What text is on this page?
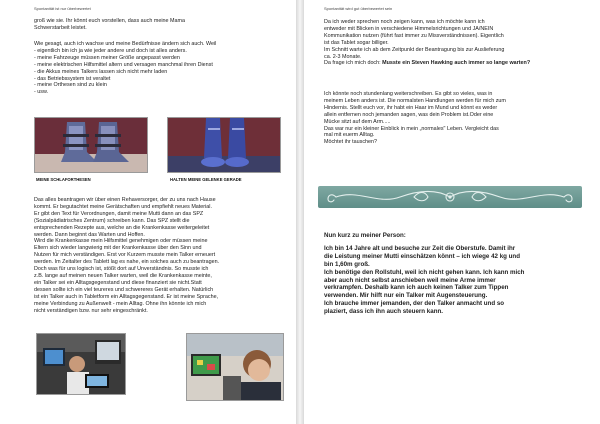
Spontanität ist nur überbewertet

groß wie sie. Ihr könnt euch vorstellen, dass auch meine Mama

Schwerstarbeit leistet.

Wie gesagt, auch ich wachse und meine Bedürfnisse ändern sich auch. Weil

- eigentlich bin ich ja wie jeder andere und doch ist alles anders.

- meine Fahrzeuge müssen meiner Größe angepasst werden
- meine elektrischen Hilfsmittel altern und versagen manchmal ihren Dienst
- die Akkus meines Talkers lassen sich nicht mehr laden
- das Betriebssystem ist veraltet
- meine Orthesen sind zu klein
- usw.
MEINE SCHLAFORTHESEN	HALTEN MEINE GELENKE GERADE

Das alles beantragen wir über einen Rehaversorger, der zu uns nach Hause

kommt. Er begutachtet meine Gerätschaften und empfiehlt neues Material.

Er gibt den Text für Verordnungen, damit meine Mutti dann an das SPZ

(Sozialpädiatrisches Zentrum) schreiben kann. Das SPZ stellt die

entsprechenden Rezepte aus, welche an die Krankenkasse weitergeleitet

werden. Dann beginnt das Warten und Hoffen.

Wird die Krankenkasse mein Hilfsmittel genehmigen oder müssen meine

Eltern sich wieder langwierig mit der Krankenkasse über den Sinn und

Nutzen für mich verständigen. Erst vor Kurzem musste mein Talker erneuert

werden. Im Zeitalter des Tablett lag es nahe, ein solches auch zu beantragen.

Doch was für uns logisch ist, stößt dort auf Unverständnis. So musste ich

z.B. lange auf meinen neuen Talker warten, weil die Krankenkasse meinte,

ein Talker sei ein Alltagsgegenstand und diese finanziert sie nicht.Statt

dessen sollte ich ein viel teureres und schwereres Gerät erhalten. Natürlich

ist ein Talker auch in Tabletform ein Alltagsgegenstand. Er ist meine Sprache,

meine Verbindung zu Außenwelt - mein Alltag. Ohne ihn könnte ich mich

nicht verständigen bzw. nur sehr eingeschränkt.

Spontanität wird gut überbewertet sein

Da ich weder sprechen noch zeigen kann, was ich möchte kann ich

entweder mit Blicken in verschiedene Himmelsrichtungen und JA/NEIN

Kommunikation nutzen (führt fast immer zu Missverständnissen). Eigentlich

ist das Tablet sogar billiger.

Im Schnitt warte ich ab dem Zeitpunkt der Beantragung bis zur Auslieferung

ca. 2-3 Monate.

Da frage ich mich doch: Musste ein Steven Hawking auch immer so lange warten?

Ich könnte noch stundenlang weiterschreiben. Es gibt so vieles, was in

meinem Leben anders ist. Die normalsten Handlungen werden für mich zum

Hindernis. Stellt euch vor, ihr habt ein Haar im Mund und könnt es weder

allein entfernen noch jemanden sagen, was dein Problem ist.Oder eine

Mücke sitzt auf dem Arm.....

Das war nur ein kleiner Einblick in mein „normales" Leben. Vergleicht das

mal mit euerm Alltag.

Möchtet ihr tauschen?

Nun kurz zu meiner Person:

Ich bin 14 Jahre alt und besuche zur Zeit die Oberstufe. Damit ihr

die Leistung meiner Mutti einschätzen könnt – ich wiege 42 kg und

bin 1,60m groß.

Ich benötige den Rollstuhl, weil ich nicht gehen kann. Ich kann mich

aber auch nicht selbst anschieben weil meine Arme immer

verkrampfen. Deshalb kann ich auch keinen Talker zum Tippen

verwenden. Mir hilft nur ein Talker mit Augensteuerung.

Ich brauche immer jemanden, der den Talker anmacht und so

plaziert, dass ich ihn auch steuern kann.
